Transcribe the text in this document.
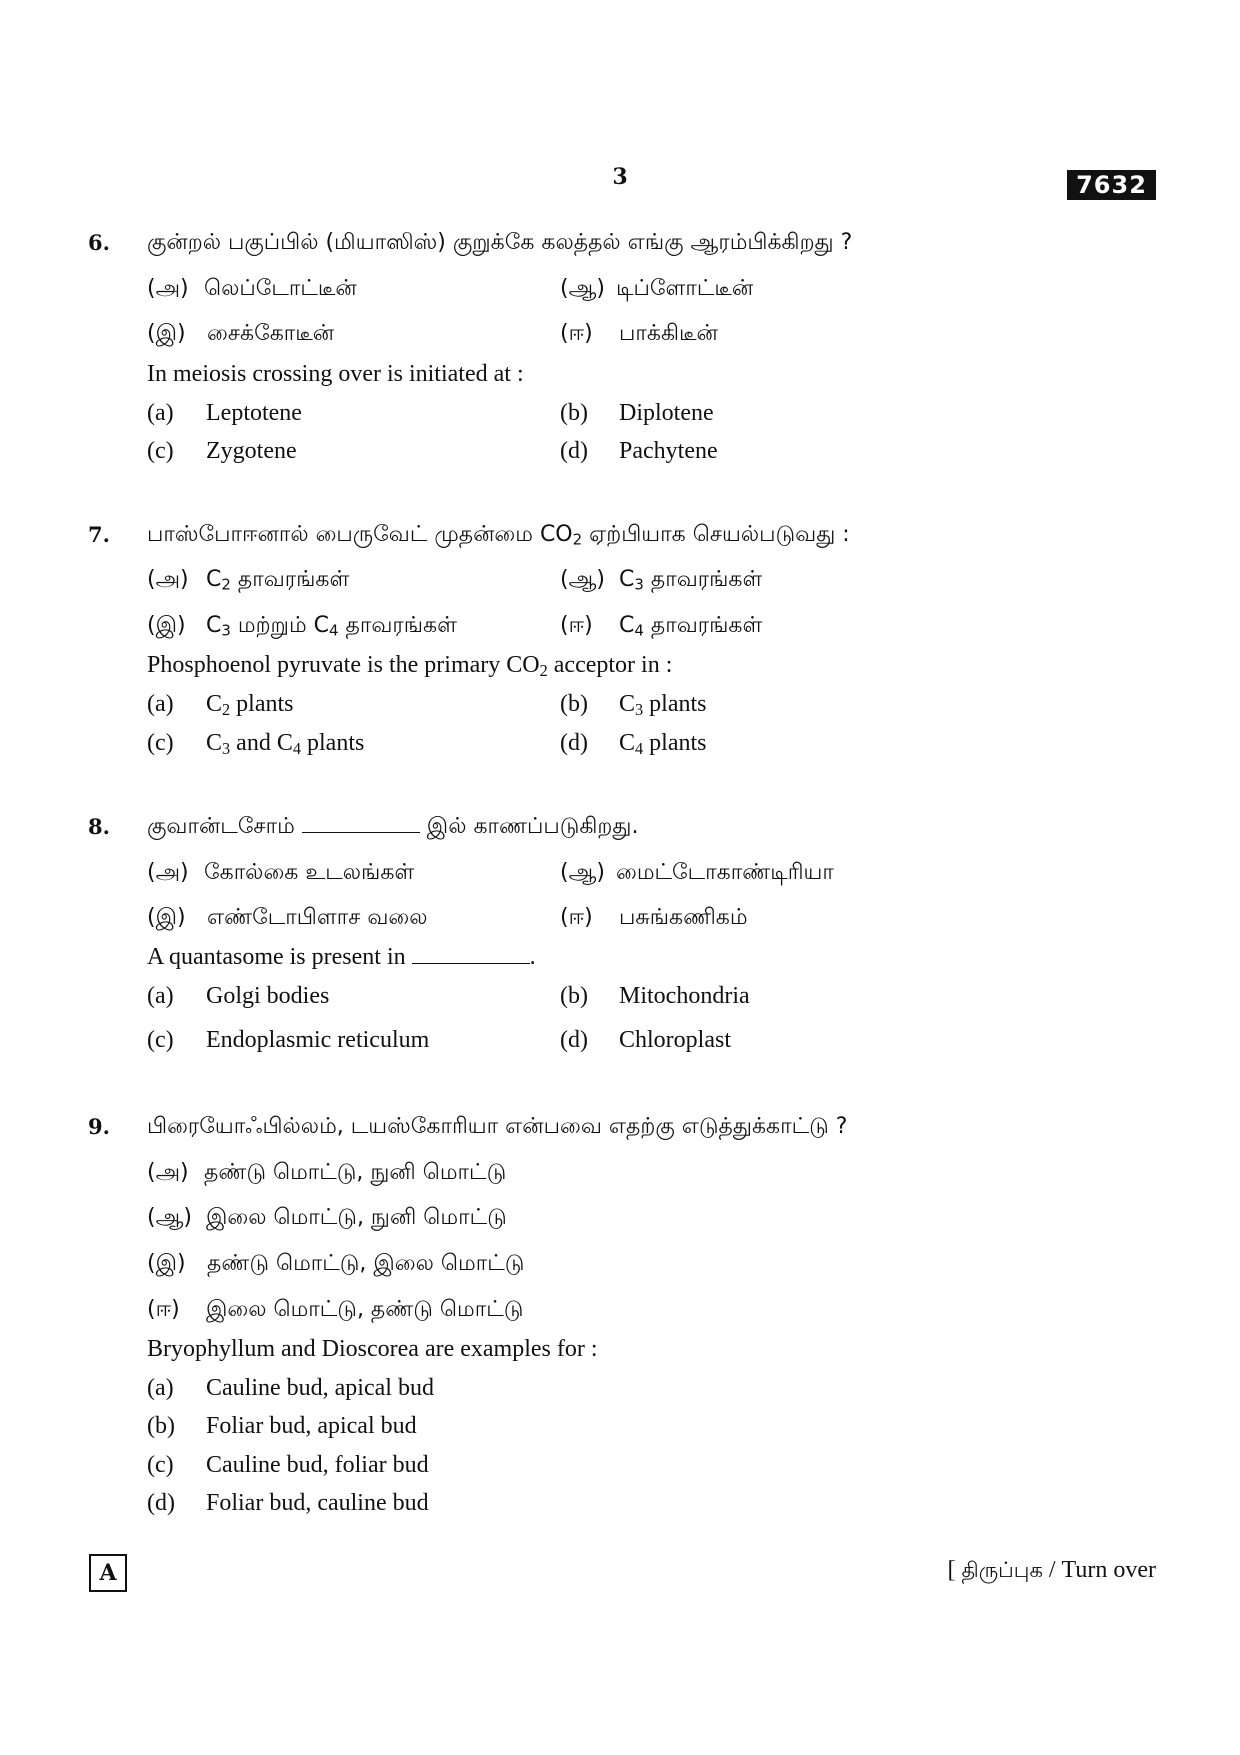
3	7632
6. குன்றல் பகுப்பில் (மியாஸிஸ்) குறுக்கே கலத்தல் எங்கு ஆரம்பிக்கிறது ?
(அ) லெப்டோட்டீன்	(ஆ) டிப்ளோட்டீன்
(இ) சைக்கோடீன்	(ஈ) பாக்கிடீன்
In meiosis crossing over is initiated at :
(a) Leptotene	(b) Diplotene
(c) Zygotene	(d) Pachytene
7. பாஸ்போஈனால் பைருவேட் முதன்மை $CO_2$ ஏற்பியாக செயல்படுவது :
(அ) $C_2$ தாவரங்கள்	(ஆ) $C_3$ தாவரங்கள்
(இ) $C_3$ மற்றும் $C_4$ தாவரங்கள்	(ஈ) $C_4$ தாவரங்கள்
Phosphoenol pyruvate is the primary $CO_2$ acceptor in :
(a) $C_2$ plants	(b) $C_3$ plants
(c) $C_3$ and $C_4$ plants	(d) $C_4$ plants
8. குவான்டசோம்	இல் காணப்படுகிறது.
(அ) கோல்கை உடலங்கள்	(ஆ) மைட்டோகாண்டிரியா
(இ) எண்டோபிளாச வலை	(ஈ) பசுங்கணிகம்
A quantasome is present in	.
(a) Golgi bodies	(b) Mitochondria
(c) Endoplasmic reticulum	(d) Chloroplast
9. பிரையோஃபில்லம், டயஸ்கோரியா என்பவை எதற்கு எடுத்துக்காட்டு ?
(அ) தண்டு மொட்டு, நுனி மொட்டு
(ஆ) இலை மொட்டு, நுனி மொட்டு
(இ) தண்டு மொட்டு, இலை மொட்டு
(ஈ) இலை மொட்டு, தண்டு மொட்டு
Bryophyllum and Dioscorea are examples for :
(a) Cauline bud, apical bud
(b) Foliar bud, apical bud
(c) Cauline bud, foliar bud
(d) Foliar bud, cauline bud
A	[ திருப்புக / Turn over
